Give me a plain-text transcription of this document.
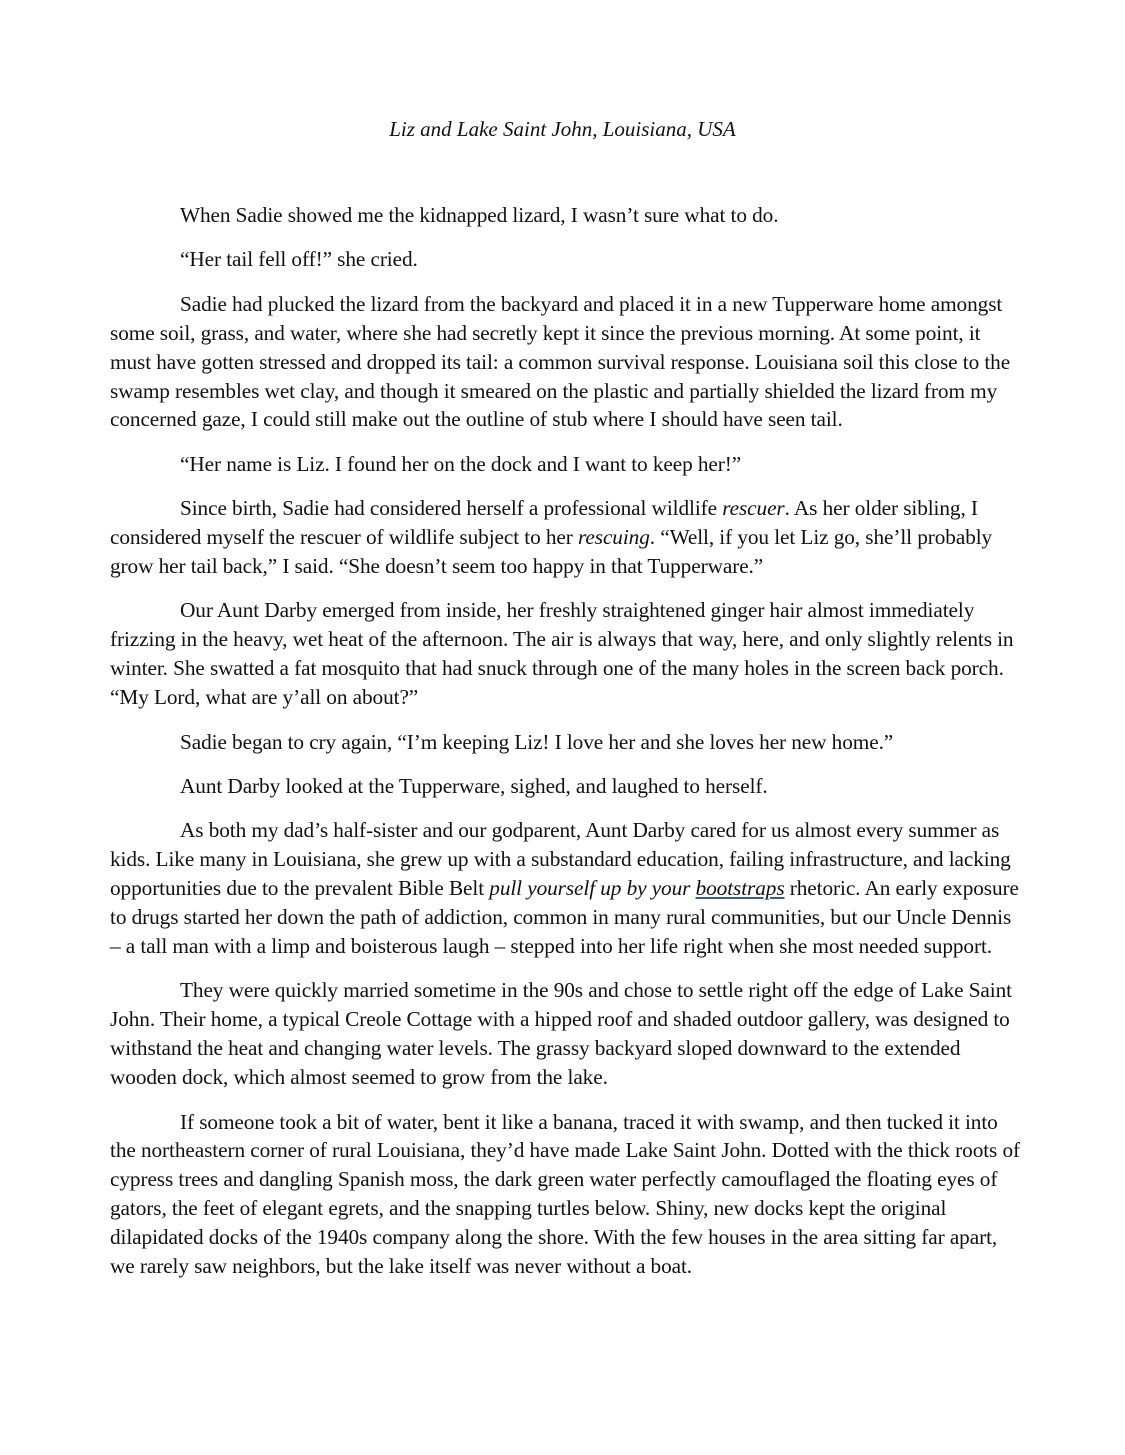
Liz and Lake Saint John, Louisiana, USA

When Sadie showed me the kidnapped lizard, I wasn’t sure what to do.

“Her tail fell off!” she cried.

Sadie had plucked the lizard from the backyard and placed it in a new Tupperware home amongst some soil, grass, and water, where she had secretly kept it since the previous morning. At some point, it must have gotten stressed and dropped its tail: a common survival response. Louisiana soil this close to the swamp resembles wet clay, and though it smeared on the plastic and partially shielded the lizard from my concerned gaze, I could still make out the outline of stub where I should have seen tail.

“Her name is Liz. I found her on the dock and I want to keep her!”

Since birth, Sadie had considered herself a professional wildlife rescuer. As her older sibling, I considered myself the rescuer of wildlife subject to her rescuing. “Well, if you let Liz go, she’ll probably grow her tail back,” I said. “She doesn’t seem too happy in that Tupperware.”

Our Aunt Darby emerged from inside, her freshly straightened ginger hair almost immediately frizzing in the heavy, wet heat of the afternoon. The air is always that way, here, and only slightly relents in winter. She swatted a fat mosquito that had snuck through one of the many holes in the screen back porch. “My Lord, what are y’all on about?”

Sadie began to cry again, “I’m keeping Liz! I love her and she loves her new home.”

Aunt Darby looked at the Tupperware, sighed, and laughed to herself.

As both my dad’s half-sister and our godparent, Aunt Darby cared for us almost every summer as kids. Like many in Louisiana, she grew up with a substandard education, failing infrastructure, and lacking opportunities due to the prevalent Bible Belt pull yourself up by your bootstraps rhetoric. An early exposure to drugs started her down the path of addiction, common in many rural communities, but our Uncle Dennis – a tall man with a limp and boisterous laugh – stepped into her life right when she most needed support.

They were quickly married sometime in the 90s and chose to settle right off the edge of Lake Saint John. Their home, a typical Creole Cottage with a hipped roof and shaded outdoor gallery, was designed to withstand the heat and changing water levels. The grassy backyard sloped downward to the extended wooden dock, which almost seemed to grow from the lake.

If someone took a bit of water, bent it like a banana, traced it with swamp, and then tucked it into the northeastern corner of rural Louisiana, they’d have made Lake Saint John. Dotted with the thick roots of cypress trees and dangling Spanish moss, the dark green water perfectly camouflaged the floating eyes of gators, the feet of elegant egrets, and the snapping turtles below. Shiny, new docks kept the original dilapidated docks of the 1940s company along the shore. With the few houses in the area sitting far apart, we rarely saw neighbors, but the lake itself was never without a boat.
